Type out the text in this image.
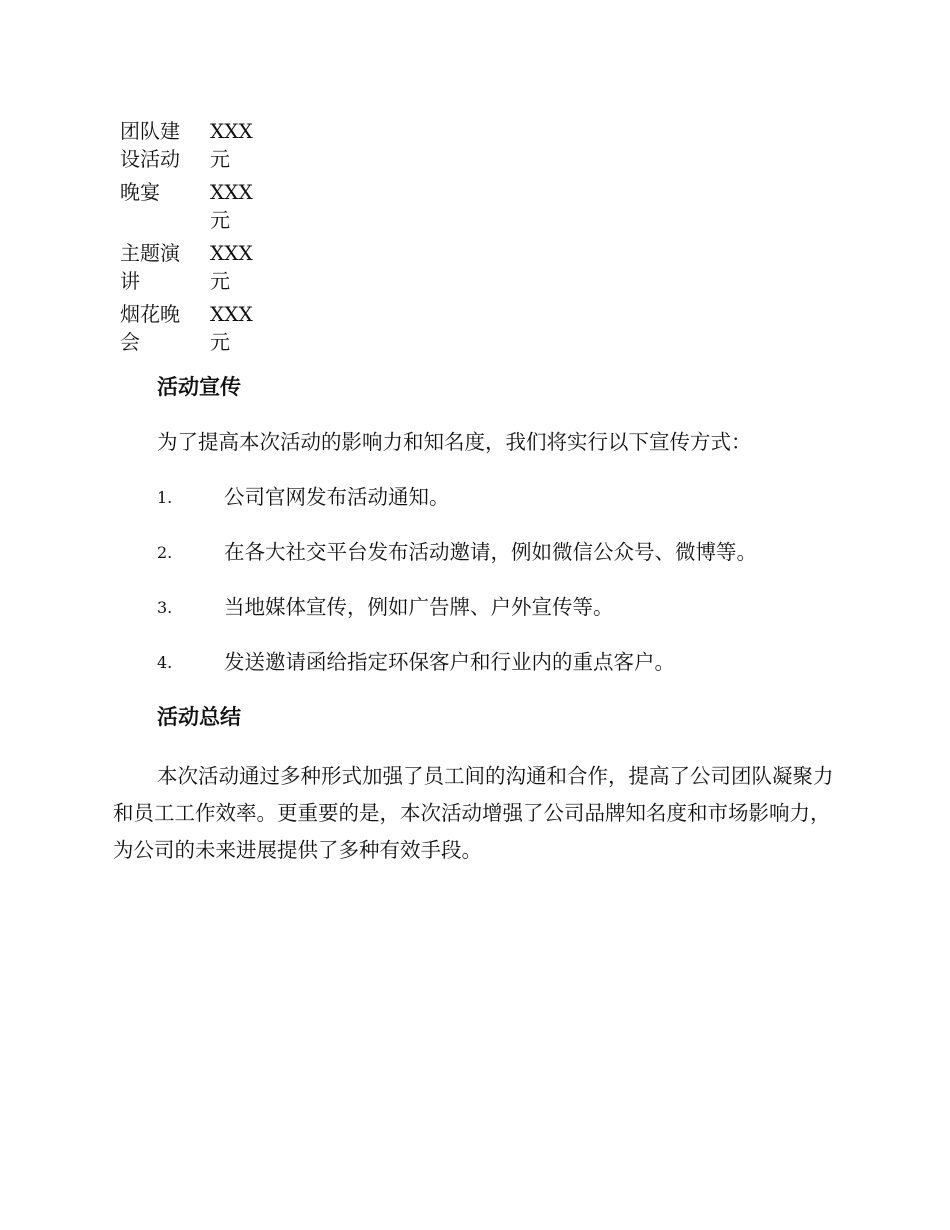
团队建设活动	XXX元
晚宴	XXX元
主题演讲	XXX元
烟花晚会	XXX元
活动宣传
为了提高本次活动的影响力和知名度，我们将实行以下宣传方式：
1.	公司官网发布活动通知。
2.	在各大社交平台发布活动邀请，例如微信公众号、微博等。
3.	当地媒体宣传，例如广告牌、户外宣传等。
4.	发送邀请函给指定环保客户和行业内的重点客户。
活动总结
本次活动通过多种形式加强了员工间的沟通和合作，提高了公司团队凝聚力和员工工作效率。更重要的是，本次活动增强了公司品牌知名度和市场影响力，为公司的未来进展提供了多种有效手段。
